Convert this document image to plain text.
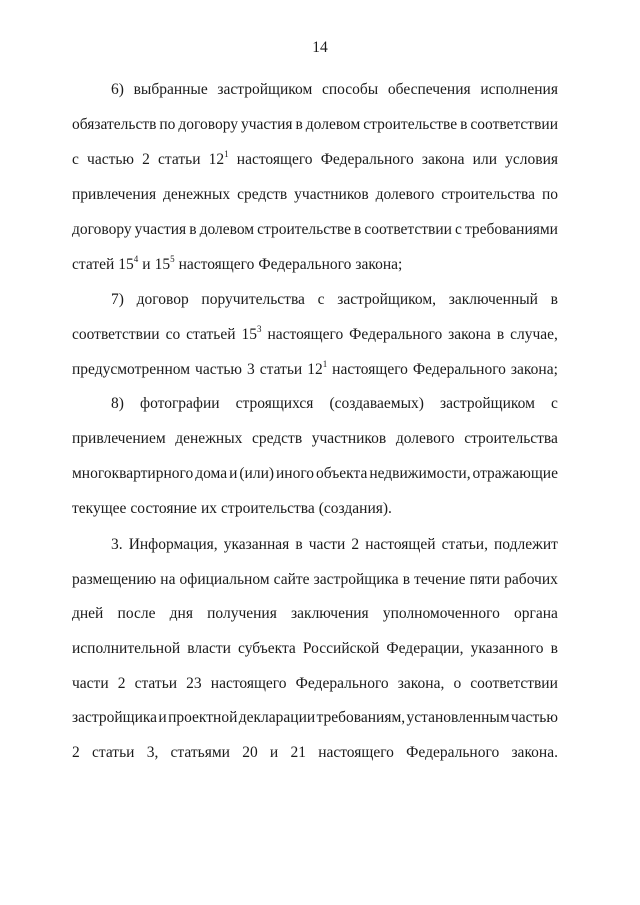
14
6) выбранные застройщиком способы обеспечения исполнения
обязательств по договору участия в долевом строительстве в соответствии
с частью 2 статьи $12^1$ настоящего Федерального закона или условия
привлечения денежных средств участников долевого строительства по
договору участия в долевом строительстве в соответствии с требованиями
статей $15^4$ и $15^5$ настоящего Федерального закона;
7) договор поручительства с застройщиком, заключенный в
соответствии со статьей $15^3$ настоящего Федерального закона в случае,
предусмотренном частью 3 статьи $12^1$ настоящего Федерального закона;
8) фотографии строящихся (создаваемых) застройщиком с
привлечением денежных средств участников долевого строительства
многоквартирного дома и (или) иного объекта недвижимости, отражающие
текущее состояние их строительства (создания).
3. Информация, указанная в части 2 настоящей статьи, подлежит
размещению на официальном сайте застройщика в течение пяти рабочих
дней после дня получения заключения уполномоченного органа
исполнительной власти субъекта Российской Федерации, указанного в
части 2 статьи 23 настоящего Федерального закона, о соответствии
застройщика и проектной декларации требованиям, установленным частью
2 статьи 3, статьями 20 и 21 настоящего Федерального закона.
